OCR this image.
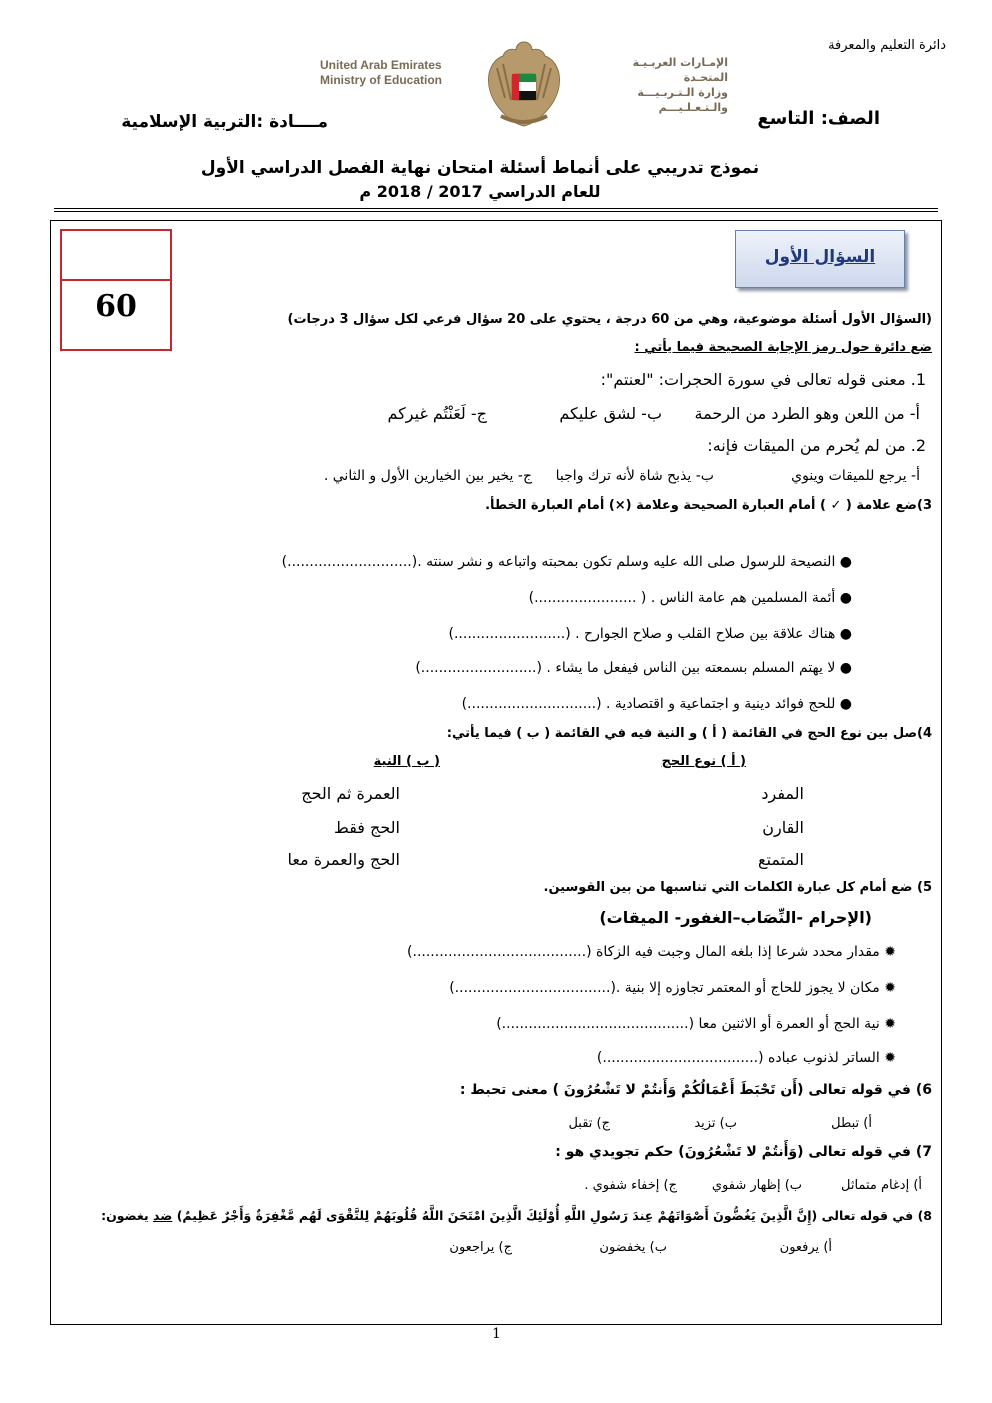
دائرة التعليم والمعرفة
United Arab Emirates
Ministry of Education
الإمـارات العربـيـة المتحـدة
وزارة الـتـربـيـــة والـتـعـلـيـــم
الصف: التاسع
مــــادة :التربية الإسلامية
نموذج تدريبي على أنماط أسئلة امتحان نهاية الفصل الدراسي الأول
للعام الدراسي 2017 / 2018 م
60
السؤال الأول
(السؤال الأول أسئلة موضوعية، وهي من 60 درجة ، يحتوي على 20 سؤال فرعي لكل سؤال 3 درجات)
ضع دائرة حول رمز الإجابة الصحيحة فيما يأتي :
1. معنى قوله تعالى في سورة الحجرات: "لعنتم":
أ- من اللعن وهو الطرد من الرحمة
ب- لشق عليكم
ج- لَعَنْتُم غيركم
2. من لم يُحرم من الميقات فإنه:
أ- يرجع للميقات وينوي
ب- يذبح شاة لأنه ترك واجبا
ج- يخير بين الخيارين الأول و الثاني .
3)ضع علامة ( ✓ ) أمام العبارة الصحيحة وعلامة (×) أمام العبارة الخطأ.
● النصيحة للرسول صلى الله عليه وسلم تكون بمحبته واتباعه و نشر سنته .(............................)
● أئمة المسلمين هم عامة الناس . ( .......................)
● هناك علاقة بين صلاح القلب و صلاح الجوارح . (.........................)
● لا يهتم المسلم بسمعته بين الناس فيفعل ما يشاء . (..........................)
● للحج فوائد دينية و اجتماعية و اقتصادية . (.............................)
4)صل بين نوع الحج في القائمة ( أ ) و النية فيه في القائمة ( ب ) فيما يأتي:
( أ ) نوع الحج
( ب ) النية
المفرد
القارن
المتمتع
العمرة ثم الحج
الحج فقط
الحج والعمرة معا
5) ضع أمام كل عبارة الكلمات التي تناسبها من بين القوسين.
(الإحرام -النِّصَاب–الغفور- الميقات)
✹ مقدار محدد شرعا إذا بلغه المال وجبت فيه الزكاة (.......................................)
✹ مكان لا يجوز للحاج أو المعتمر تجاوزه إلا بنية .(...................................)
✹ نية الحج أو العمرة أو الاثنين معا (..........................................)
✹ الساتر لذنوب عباده (...................................)
6) في قوله تعالى (أَن تَحْبَطَ أَعْمَالُكُمْ وَأَنتُمْ لا تَشْعُرُونَ ) معنى تحبط :
أ) تبطل
ب) تزيد
ج) تقبل
7) في قوله تعالى (وَأَنتُمْ لا تَشْعُرُونَ) حكم تجويدي هو :
أ) إدغام متماثل
ب) إظهار شفوي
ج) إخفاء شفوي .
8) في قوله تعالى (إِنَّ الَّذِينَ يَغُضُّونَ أَصْوَاتَهُمْ عِندَ رَسُولِ اللَّهِ أُوْلَئِكَ الَّذِينَ امْتَحَنَ اللَّهُ قُلُوبَهُمْ لِلتَّقْوَى لَهُم مَّغْفِرَةٌ وَأَجْرٌ عَظِيمٌ) ضد يغضون:
أ) يرفعون
ب) يخفضون
ج) يراجعون
1
